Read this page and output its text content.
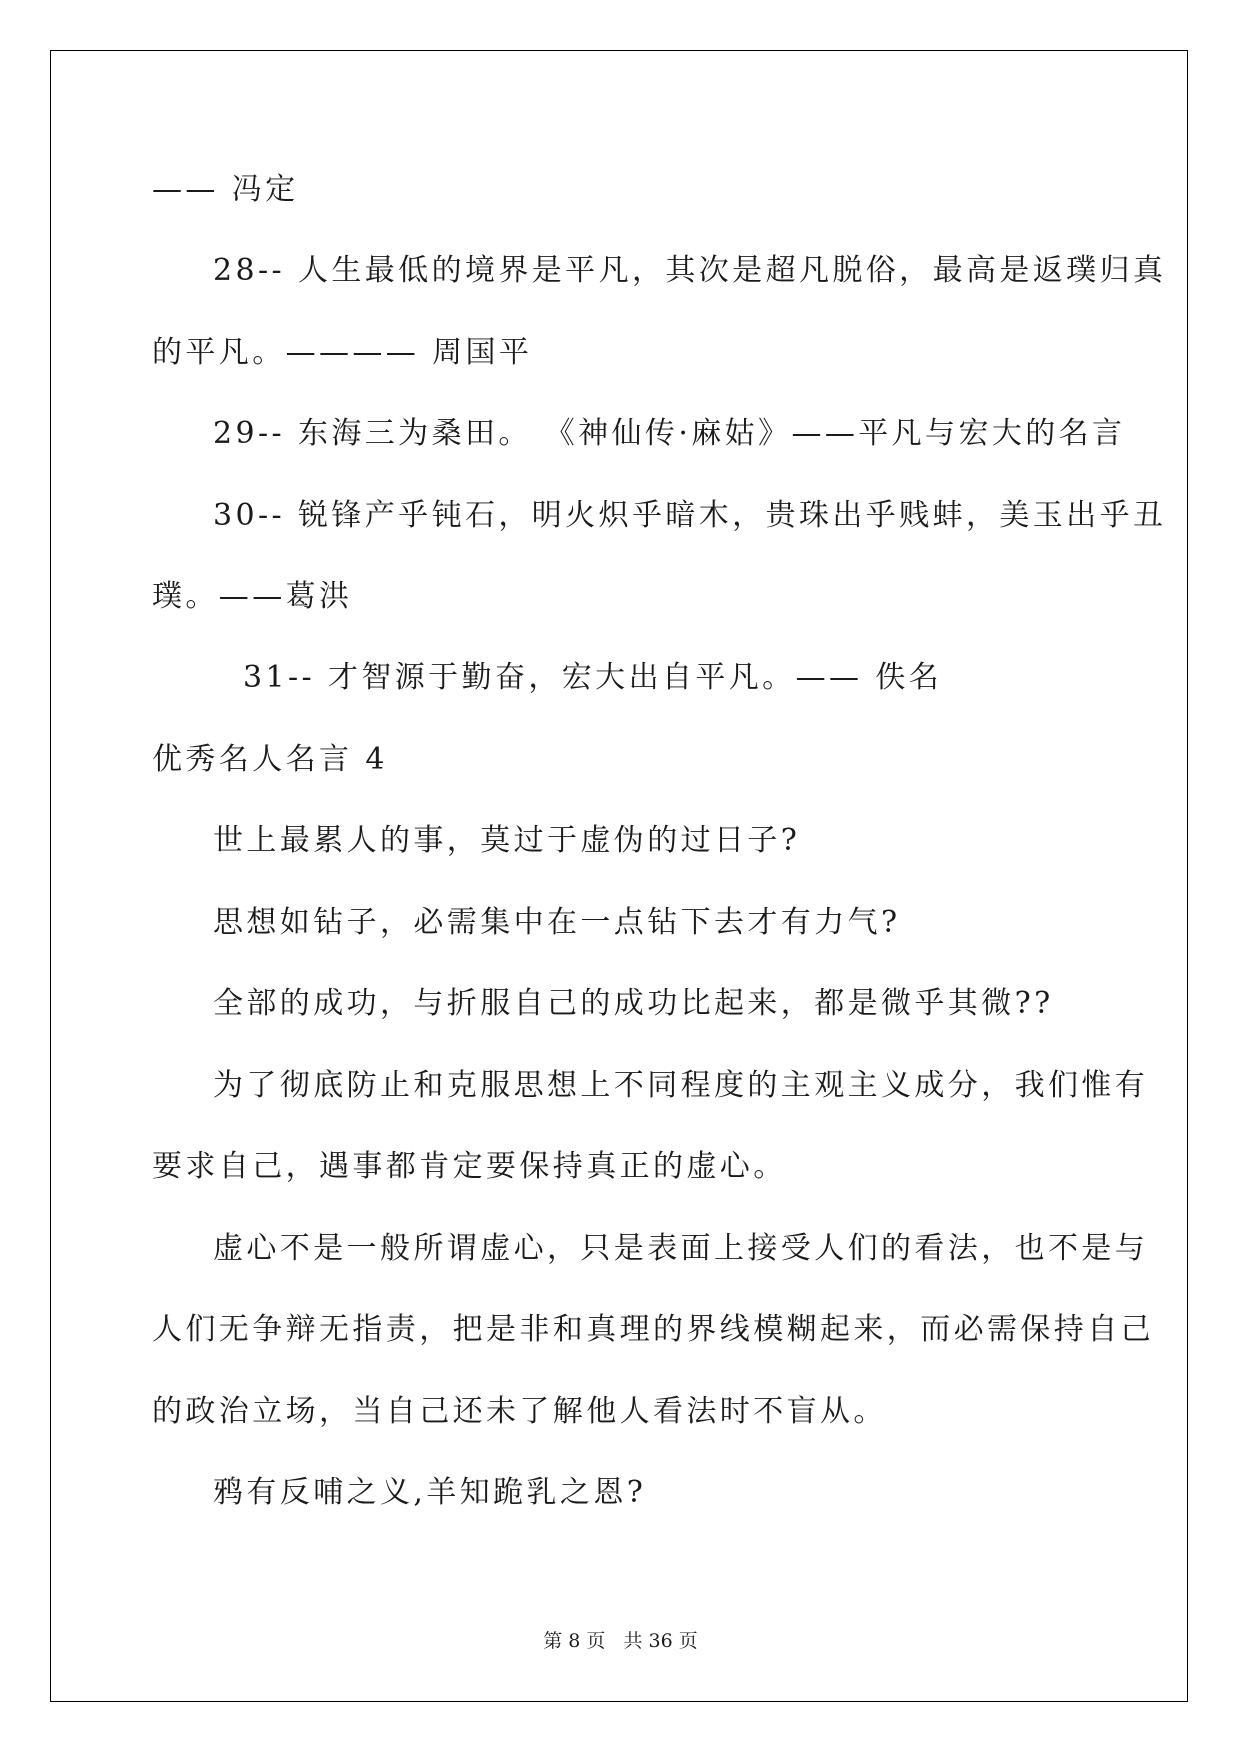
—— 冯定

28-- 人生最低的境界是平凡，其次是超凡脱俗，最高是返璞归真

的平凡。———— 周国平

29-- 东海三为桑田。 《神仙传·麻姑》——平凡与宏大的名言

30-- 锐锋产乎钝石，明火炽乎暗木，贵珠出乎贱蚌，美玉出乎丑

璞。——葛洪

31-- 才智源于勤奋，宏大出自平凡。—— 佚名

优秀名人名言 4

世上最累人的事，莫过于虚伪的过日子?

思想如钻子，必需集中在一点钻下去才有力气?

全部的成功，与折服自己的成功比起来，都是微乎其微??

为了彻底防止和克服思想上不同程度的主观主义成分，我们惟有

要求自己，遇事都肯定要保持真正的虚心。

虚心不是一般所谓虚心，只是表面上接受人们的看法，也不是与

人们无争辩无指责，把是非和真理的界线模糊起来，而必需保持自己

的政治立场，当自己还未了解他人看法时不盲从。

鸦有反哺之义,羊知跪乳之恩?

第 8 页 共 36 页
